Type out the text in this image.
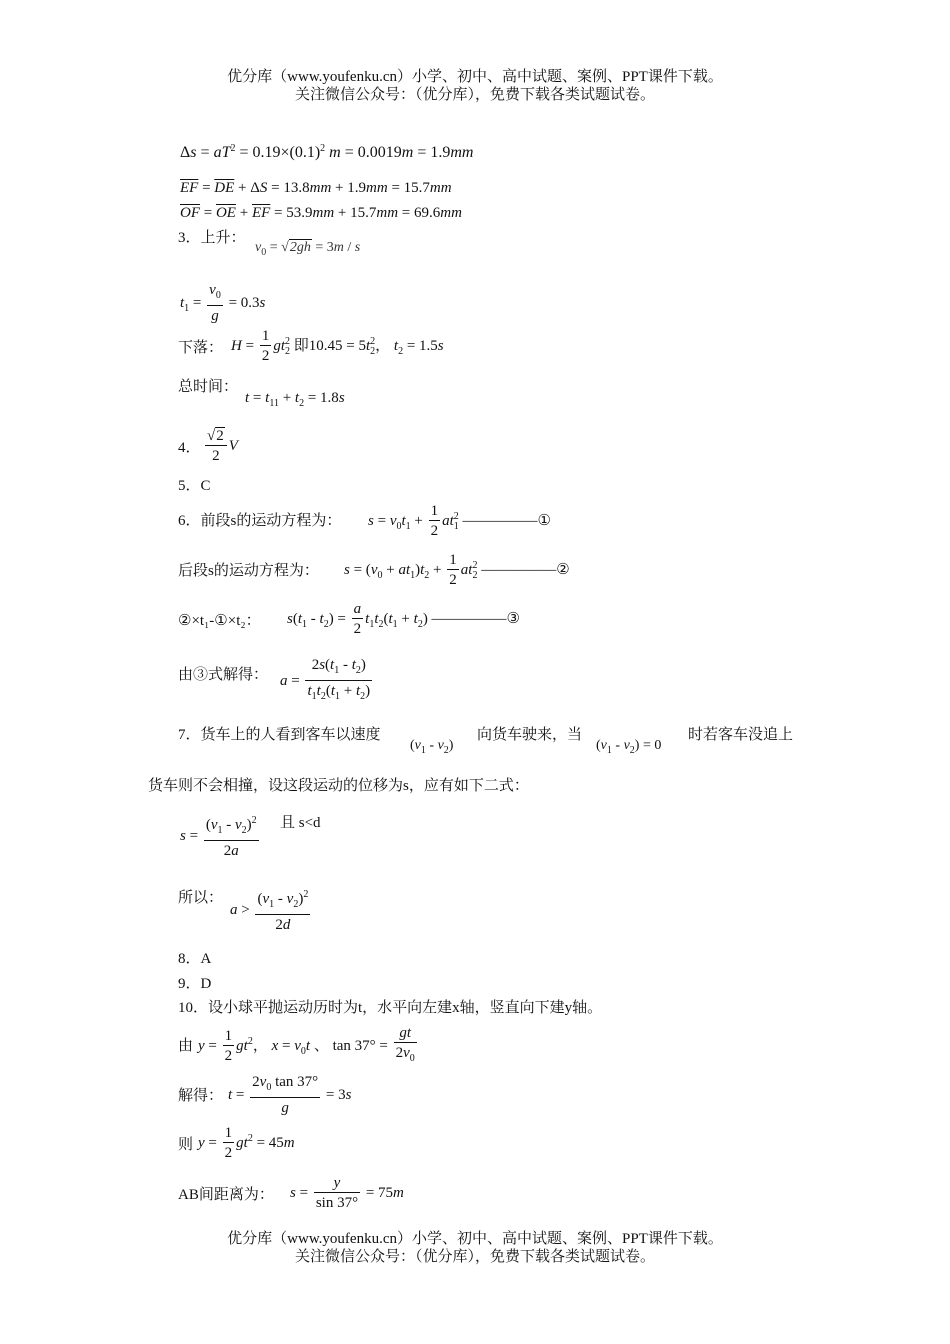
优分库（www.youfenku.cn）小学、初中、高中试题、案例、PPT课件下载。
关注微信公众号：（优分库），免费下载各类试题试卷。
$\Delta s = aT^2 = 0.19\times(0.1)^2$ m = 0.0019m = 1.9mm
$\overline{EF} = \overline{DE} + \Delta S = 13.8mm + 1.9mm = 15.7mm$
$\overline{OF} = \overline{OE} + \overline{EF} = 53.9mm + 15.7mm = 69.6mm$
3．上升：
$v_0 = √2gh = 3m / s$
$t_1 = \frac{v_0}{g} = 0.3s$
下落： $H = \frac{1}{2} gt_2^2$ 即$10.45 = 5t_2^2$， $t_2 = 1.5s$
总时间：
$t = t_{11} + t_2 = 1.8s$
4． $\frac{√2}{2}$ V
5．C
6．前段s的运动方程为： $s = v_0t_1 + \frac{1}{2} at_1^2$ —————①
后段s的运动方程为： $s = (v_0 + at_1)t_2 + \frac{1}{2} at_2^2$ —————②
②×t₁-①×t₂： $s(t_1 - t_2) = \frac{a}{2} t_1t_2(t_1 + t_2)$ —————③
由③式解得： $a = \frac{2s(t_1 - t_2)}{t_1t_2(t_1 + t_2)}$
7．货车上的人看到客车以速度
$(v_1 - v_2)$
向货车驶来，当
$(v_1 - v_2) = 0$
时若客车没追上
货车则不会相撞，设这段运动的位移为s，应有如下二式：
$s = \frac{(v_1 - v_2)^2}{2a}$ 且 s<d
所以：
$a > \frac{(v_1 - v_2)^2}{2d}$
8．A
9．D
10．设小球平抛运动历时为t，水平向左建x轴，竖直向下建y轴。
由 $y = \frac{1}{2} gt^2$， $x = v_0t$ 、 $\tan 37^\circ = \frac{gt}{2v_0}$
解得： $t = \frac{2v_0 \tan 37^\circ}{g} = 3s$
则 $y = \frac{1}{2} gt^2 = 45m$
AB间距离为： $s = \frac{y}{\sin 37^\circ} = 75m$
优分库（www.youfenku.cn）小学、初中、高中试题、案例、PPT课件下载。
关注微信公众号：（优分库），免费下载各类试题试卷。
